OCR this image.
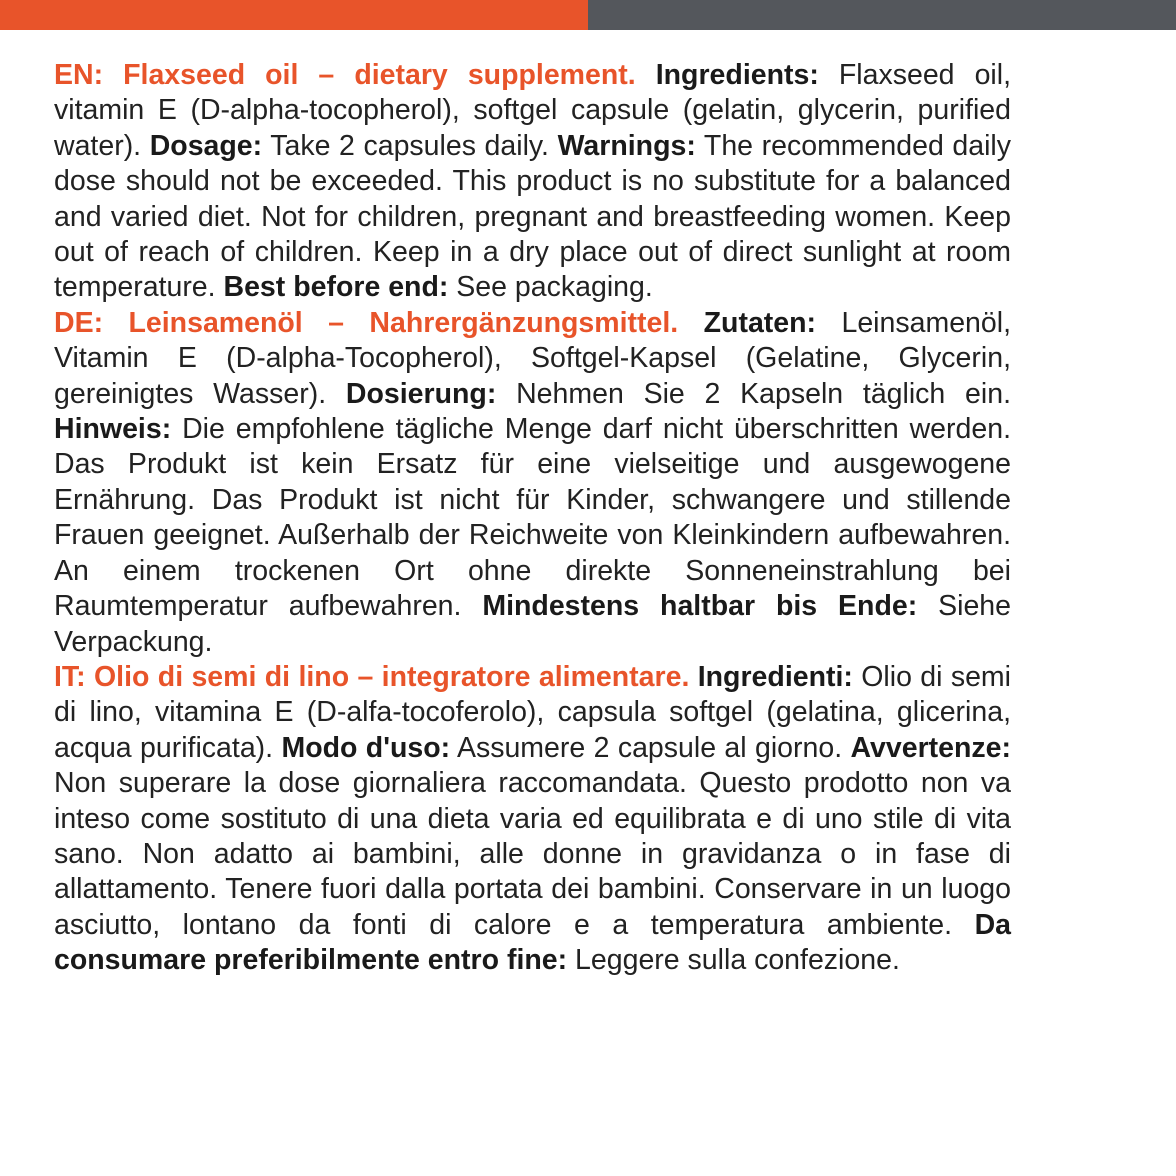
EN: Flaxseed oil – dietary supplement. Ingredients: Flaxseed oil, vitamin E (D-alpha-tocopherol), softgel capsule (gelatin, glycerin, purified water). Dosage: Take 2 capsules daily. Warnings: The recommended daily dose should not be exceeded. This product is no substitute for a balanced and varied diet. Not for children, pregnant and breastfeeding women. Keep out of reach of children. Keep in a dry place out of direct sunlight at room temperature. Best before end: See packaging.

DE: Leinsamenöl – Nahrergänzungsmittel. Zutaten: Leinsamenöl, Vitamin E (D-alpha-Tocopherol), Softgel-Kapsel (Gelatine, Glycerin, gereinigtes Wasser). Dosierung: Nehmen Sie 2 Kapseln täglich ein. Hinweis: Die empfohlene tägliche Menge darf nicht überschritten werden. Das Produkt ist kein Ersatz für eine vielseitige und ausgewogene Ernährung. Das Produkt ist nicht für Kinder, schwangere und stillende Frauen geeignet. Außerhalb der Reichweite von Kleinkindern aufbewahren. An einem trockenen Ort ohne direkte Sonneneinstrahlung bei Raumtemperatur aufbewahren. Mindestens haltbar bis Ende: Siehe Verpackung.

IT: Olio di semi di lino – integratore alimentare. Ingredienti: Olio di semi di lino, vitamina E (D-alfa-tocoferolo), capsula softgel (gelatina, glicerina, acqua purificata). Modo d'uso: Assumere 2 capsule al giorno. Avvertenze: Non superare la dose giornaliera raccomandata. Questo prodotto non va inteso come sostituto di una dieta varia ed equilibrata e di uno stile di vita sano. Non adatto ai bambini, alle donne in gravidanza o in fase di allattamento. Tenere fuori dalla portata dei bambini. Conservare in un luogo asciutto, lontano da fonti di calore e a temperatura ambiente. Da consumare preferibilmente entro fine: Leggere sulla confezione.
